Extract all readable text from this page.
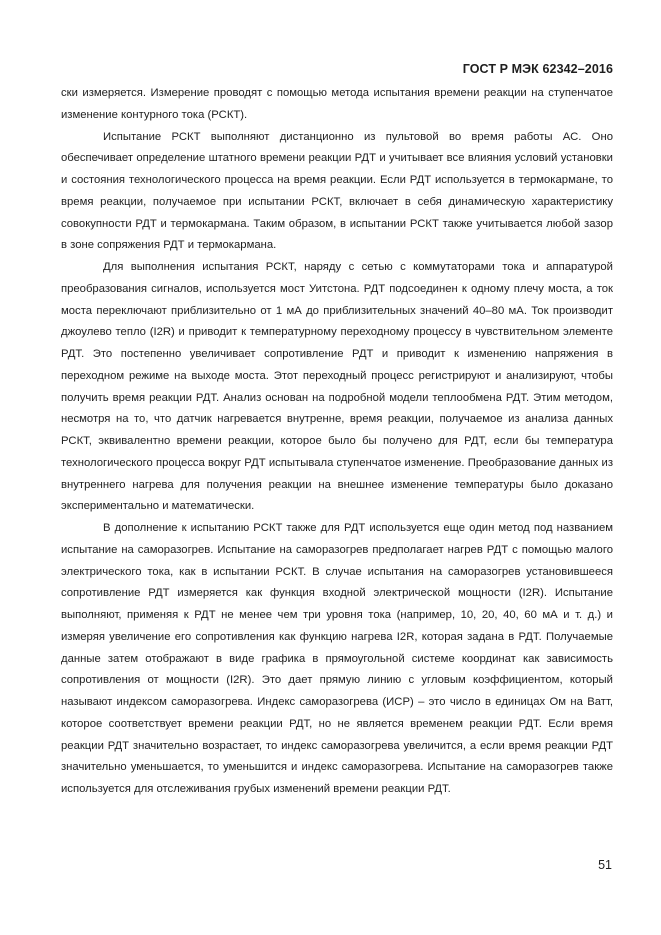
ГОСТ Р МЭК 62342–2016

ски измеряется. Измерение проводят с помощью метода испытания времени реакции на ступенчатое изменение контурного тока (РСКТ).

Испытание РСКТ выполняют дистанционно из пультовой во время работы АС. Оно обеспечивает определение штатного времени реакции РДТ и учитывает все влияния условий установки и состояния технологического процесса на время реакции. Если РДТ используется в термокармане, то время реакции, получаемое при испытании РСКТ, включает в себя динамическую характеристику совокупности РДТ и термокармана. Таким образом, в испытании РСКТ также учитывается любой зазор в зоне сопряжения РДТ и термокармана.

Для выполнения испытания РСКТ, наряду с сетью с коммутаторами тока и аппаратурой преобразования сигналов, используется мост Уитстона. РДТ подсоединен к одному плечу моста, а ток моста переключают приблизительно от 1 мА до приблизительных значений 40–80 мА. Ток производит джоулево тепло (I2R) и приводит к температурному переходному процессу в чувствительном элементе РДТ. Это постепенно увеличивает сопротивление РДТ и приводит к изменению напряжения в переходном режиме на выходе моста. Этот переходный процесс регистрируют и анализируют, чтобы получить время реакции РДТ. Анализ основан на подробной модели теплообмена РДТ. Этим методом, несмотря на то, что датчик нагревается внутренне, время реакции, получаемое из анализа данных РСКТ, эквивалентно времени реакции, которое было бы получено для РДТ, если бы температура технологического процесса вокруг РДТ испытывала ступенчатое изменение. Преобразование данных из внутреннего нагрева для получения реакции на внешнее изменение температуры было доказано экспериментально и математически.

В дополнение к испытанию РСКТ также для РДТ используется еще один метод под названием испытание на саморазогрев. Испытание на саморазогрев предполагает нагрев РДТ с помощью малого электрического тока, как в испытании РСКТ. В случае испытания на саморазогрев установившееся сопротивление РДТ измеряется как функция входной электрической мощности (I2R). Испытание выполняют, применяя к РДТ не менее чем три уровня тока (например, 10, 20, 40, 60 мА и т. д.) и измеряя увеличение его сопротивления как функцию нагрева I2R, которая задана в РДТ. Получаемые данные затем отображают в виде графика в прямоугольной системе координат как зависимость сопротивления от мощности (I2R). Это дает прямую линию с угловым коэффициентом, который называют индексом саморазогрева. Индекс саморазогрева (ИСР) – это число в единицах Ом на Ватт, которое соответствует времени реакции РДТ, но не является временем реакции РДТ. Если время реакции РДТ значительно возрастает, то индекс саморазогрева увеличится, а если время реакции РДТ значительно уменьшается, то уменьшится и индекс саморазогрева. Испытание на саморазогрев также используется для отслеживания грубых изменений времени реакции РДТ.

51
